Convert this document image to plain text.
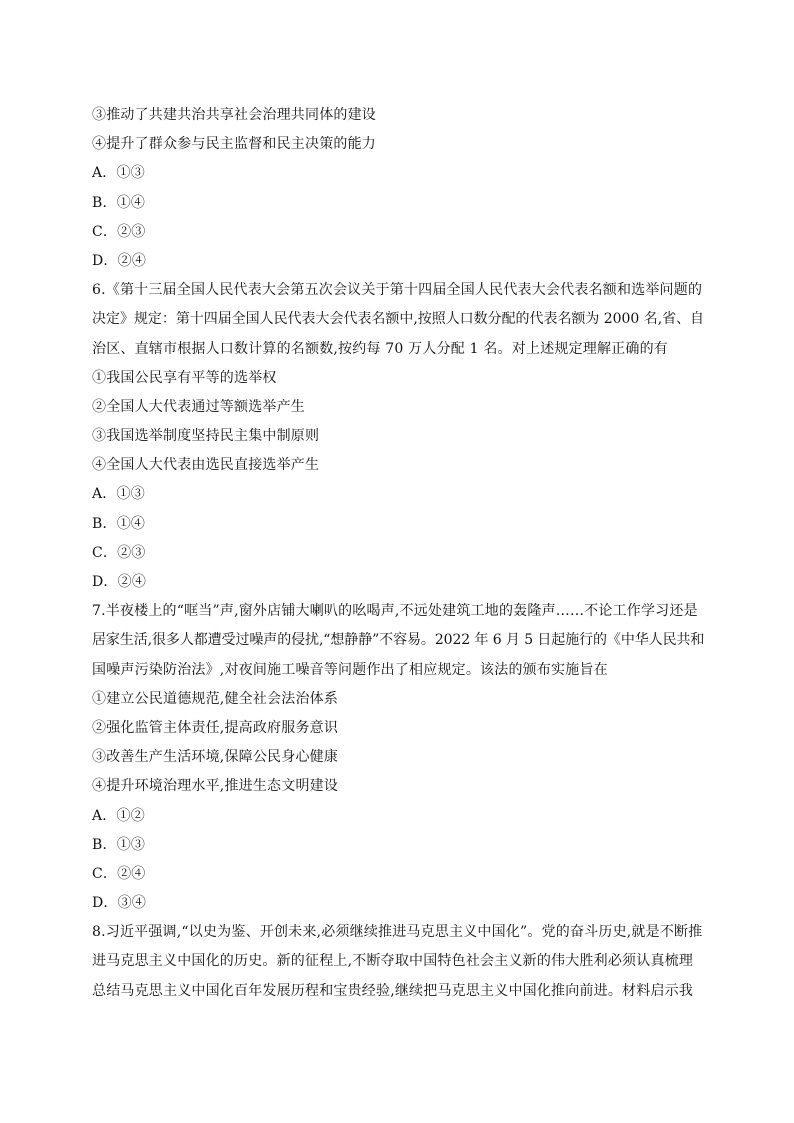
③推动了共建共治共享社会治理共同体的建设
④提升了群众参与民主监督和民主决策的能力
A．①③
B．①④
C．②③
D．②④
6.《第十三届全国人民代表大会第五次会议关于第十四届全国人民代表大会代表名额和选举问题的
决定》规定：第十四届全国人民代表大会代表名额中,按照人口数分配的代表名额为 2000 名,省、自
治区、直辖市根据人口数计算的名额数,按约每 70 万人分配 1 名。对上述规定理解正确的有
①我国公民享有平等的选举权
②全国人大代表通过等额选举产生
③我国选举制度坚持民主集中制原则
④全国人大代表由选民直接选举产生
A．①③
B．①④
C．②③
D．②④
7.半夜楼上的“哐当”声,窗外店铺大喇叭的吆喝声,不远处建筑工地的轰隆声……不论工作学习还是
居家生活,很多人都遭受过噪声的侵扰,“想静静”不容易。2022 年 6 月 5 日起施行的《中华人民共和
国噪声污染防治法》,对夜间施工噪音等问题作出了相应规定。该法的颁布实施旨在
①建立公民道德规范,健全社会法治体系
②强化监管主体责任,提高政府服务意识
③改善生产生活环境,保障公民身心健康
④提升环境治理水平,推进生态文明建设
A．①②
B．①③
C．②④
D．③④
8.习近平强调,“以史为鉴、开创未来,必须继续推进马克思主义中国化”。党的奋斗历史,就是不断推
进马克思主义中国化的历史。新的征程上,不断夺取中国特色社会主义新的伟大胜利必须认真梳理
总结马克思主义中国化百年发展历程和宝贵经验,继续把马克思主义中国化推向前进。材料启示我
